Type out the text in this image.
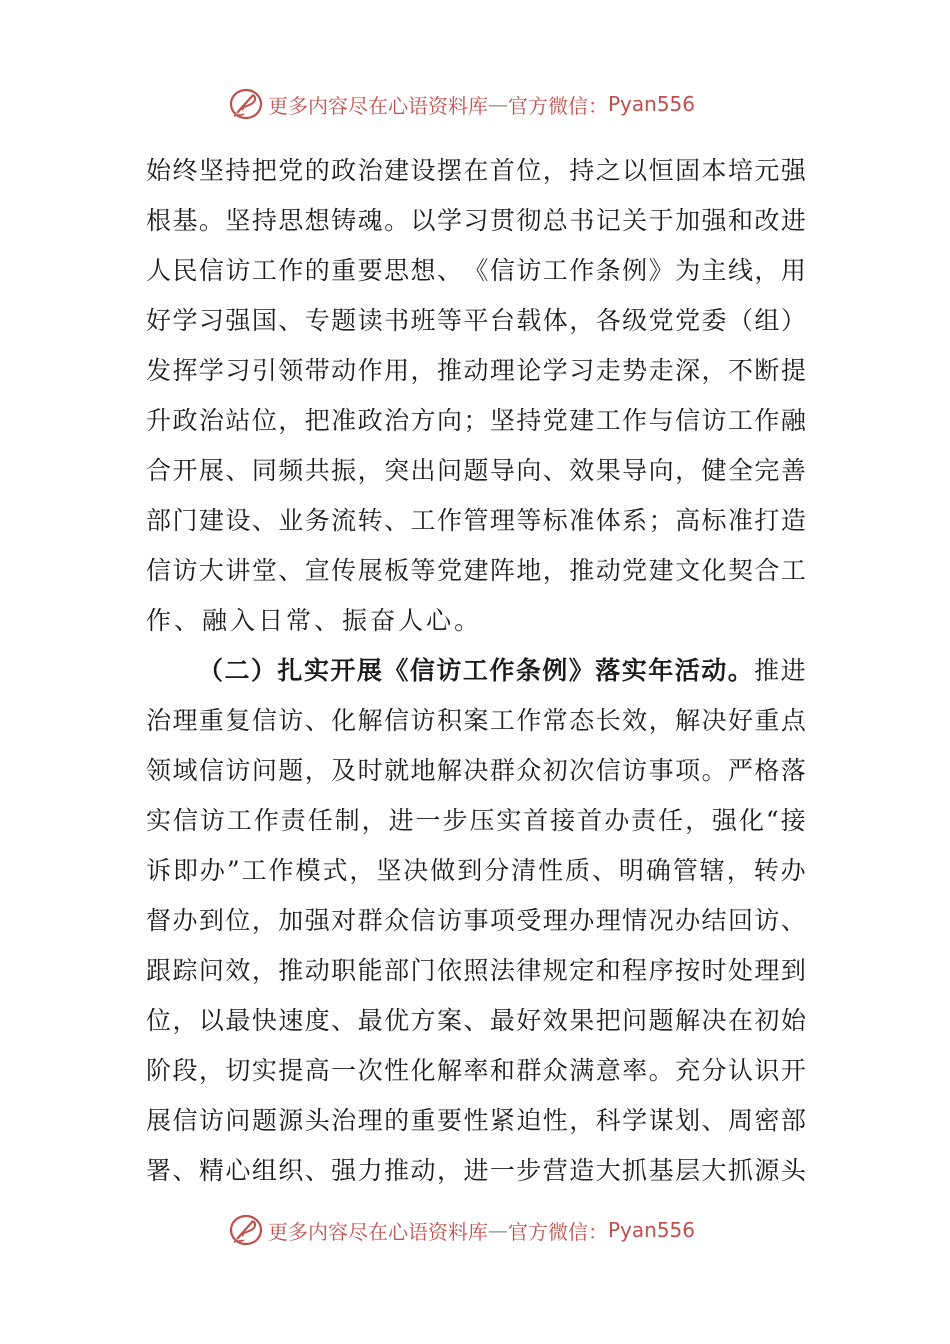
更多内容尽在心语资料库 — 官方微信： Pyan556
始 终 坚 持 把 党 的 政 治 建 设 摆 在 首 位 ， 持 之 以 恒 固 本 培 元 强
根 基 。 坚 持 思 想 铸 魂 。 以 学 习 贯 彻 总 书 记 关 于 加 强 和 改 进
人 民 信 访 工 作 的 重 要 思 想 、 《 信 访 工 作 条 例 》 为 主 线 ， 用
好 学 习 强 国 、 专 题 读 书 班 等 平 台 载 体 ， 各 级 党 党 委 （ 组 ）
发 挥 学 习 引 领 带 动 作 用 ， 推 动 理 论 学 习 走 势 走 深 ， 不 断 提
升 政 治 站 位 ， 把 准 政 治 方 向 ； 坚 持 党 建 工 作 与 信 访 工 作 融
合 开 展 、 同 频 共 振 ， 突 出 问 题 导 向 、 效 果 导 向 ， 健 全 完 善
部 门 建 设 、 业 务 流 转 、 工 作 管 理 等 标 准 体 系 ； 高 标 准 打 造
信 访 大 讲 堂 、 宣 传 展 板 等 党 建 阵 地 ， 推 动 党 建 文 化 契 合 工
作 、 融 入 日 常 、 振 奋 人 心 。
（ 二 ） 扎 实 开 展 《 信 访 工 作 条 例 》 落 实 年 活 动 。 推 进
治 理 重 复 信 访 、 化 解 信 访 积 案 工 作 常 态 长 效 ， 解 决 好 重 点
领 域 信 访 问 题 ， 及 时 就 地 解 决 群 众 初 次 信 访 事 项 。 严 格 落
实 信 访 工 作 责 任 制 ， 进 一 步 压 实 首 接 首 办 责 任 ， 强 化 “ 接
诉 即 办 ” 工 作 模 式 ， 坚 决 做 到 分 清 性 质 、 明 确 管 辖 ， 转 办
督 办 到 位 ， 加 强 对 群 众 信 访 事 项 受 理 办 理 情 况 办 结 回 访 、
跟 踪 问 效 ， 推 动 职 能 部 门 依 照 法 律 规 定 和 程 序 按 时 处 理 到
位 ， 以 最 快 速 度 、 最 优 方 案 、 最 好 效 果 把 问 题 解 决 在 初 始
阶 段 ， 切 实 提 高 一 次 性 化 解 率 和 群 众 满 意 率 。 充 分 认 识 开
展 信 访 问 题 源 头 治 理 的 重 要 性 紧 迫 性 ， 科 学 谋 划 、 周 密 部
署 、 精 心 组 织 、 强 力 推 动 ， 进 一 步 营 造 大 抓 基 层 大 抓 源 头
更多内容尽在心语资料库 — 官方微信： Pyan556
